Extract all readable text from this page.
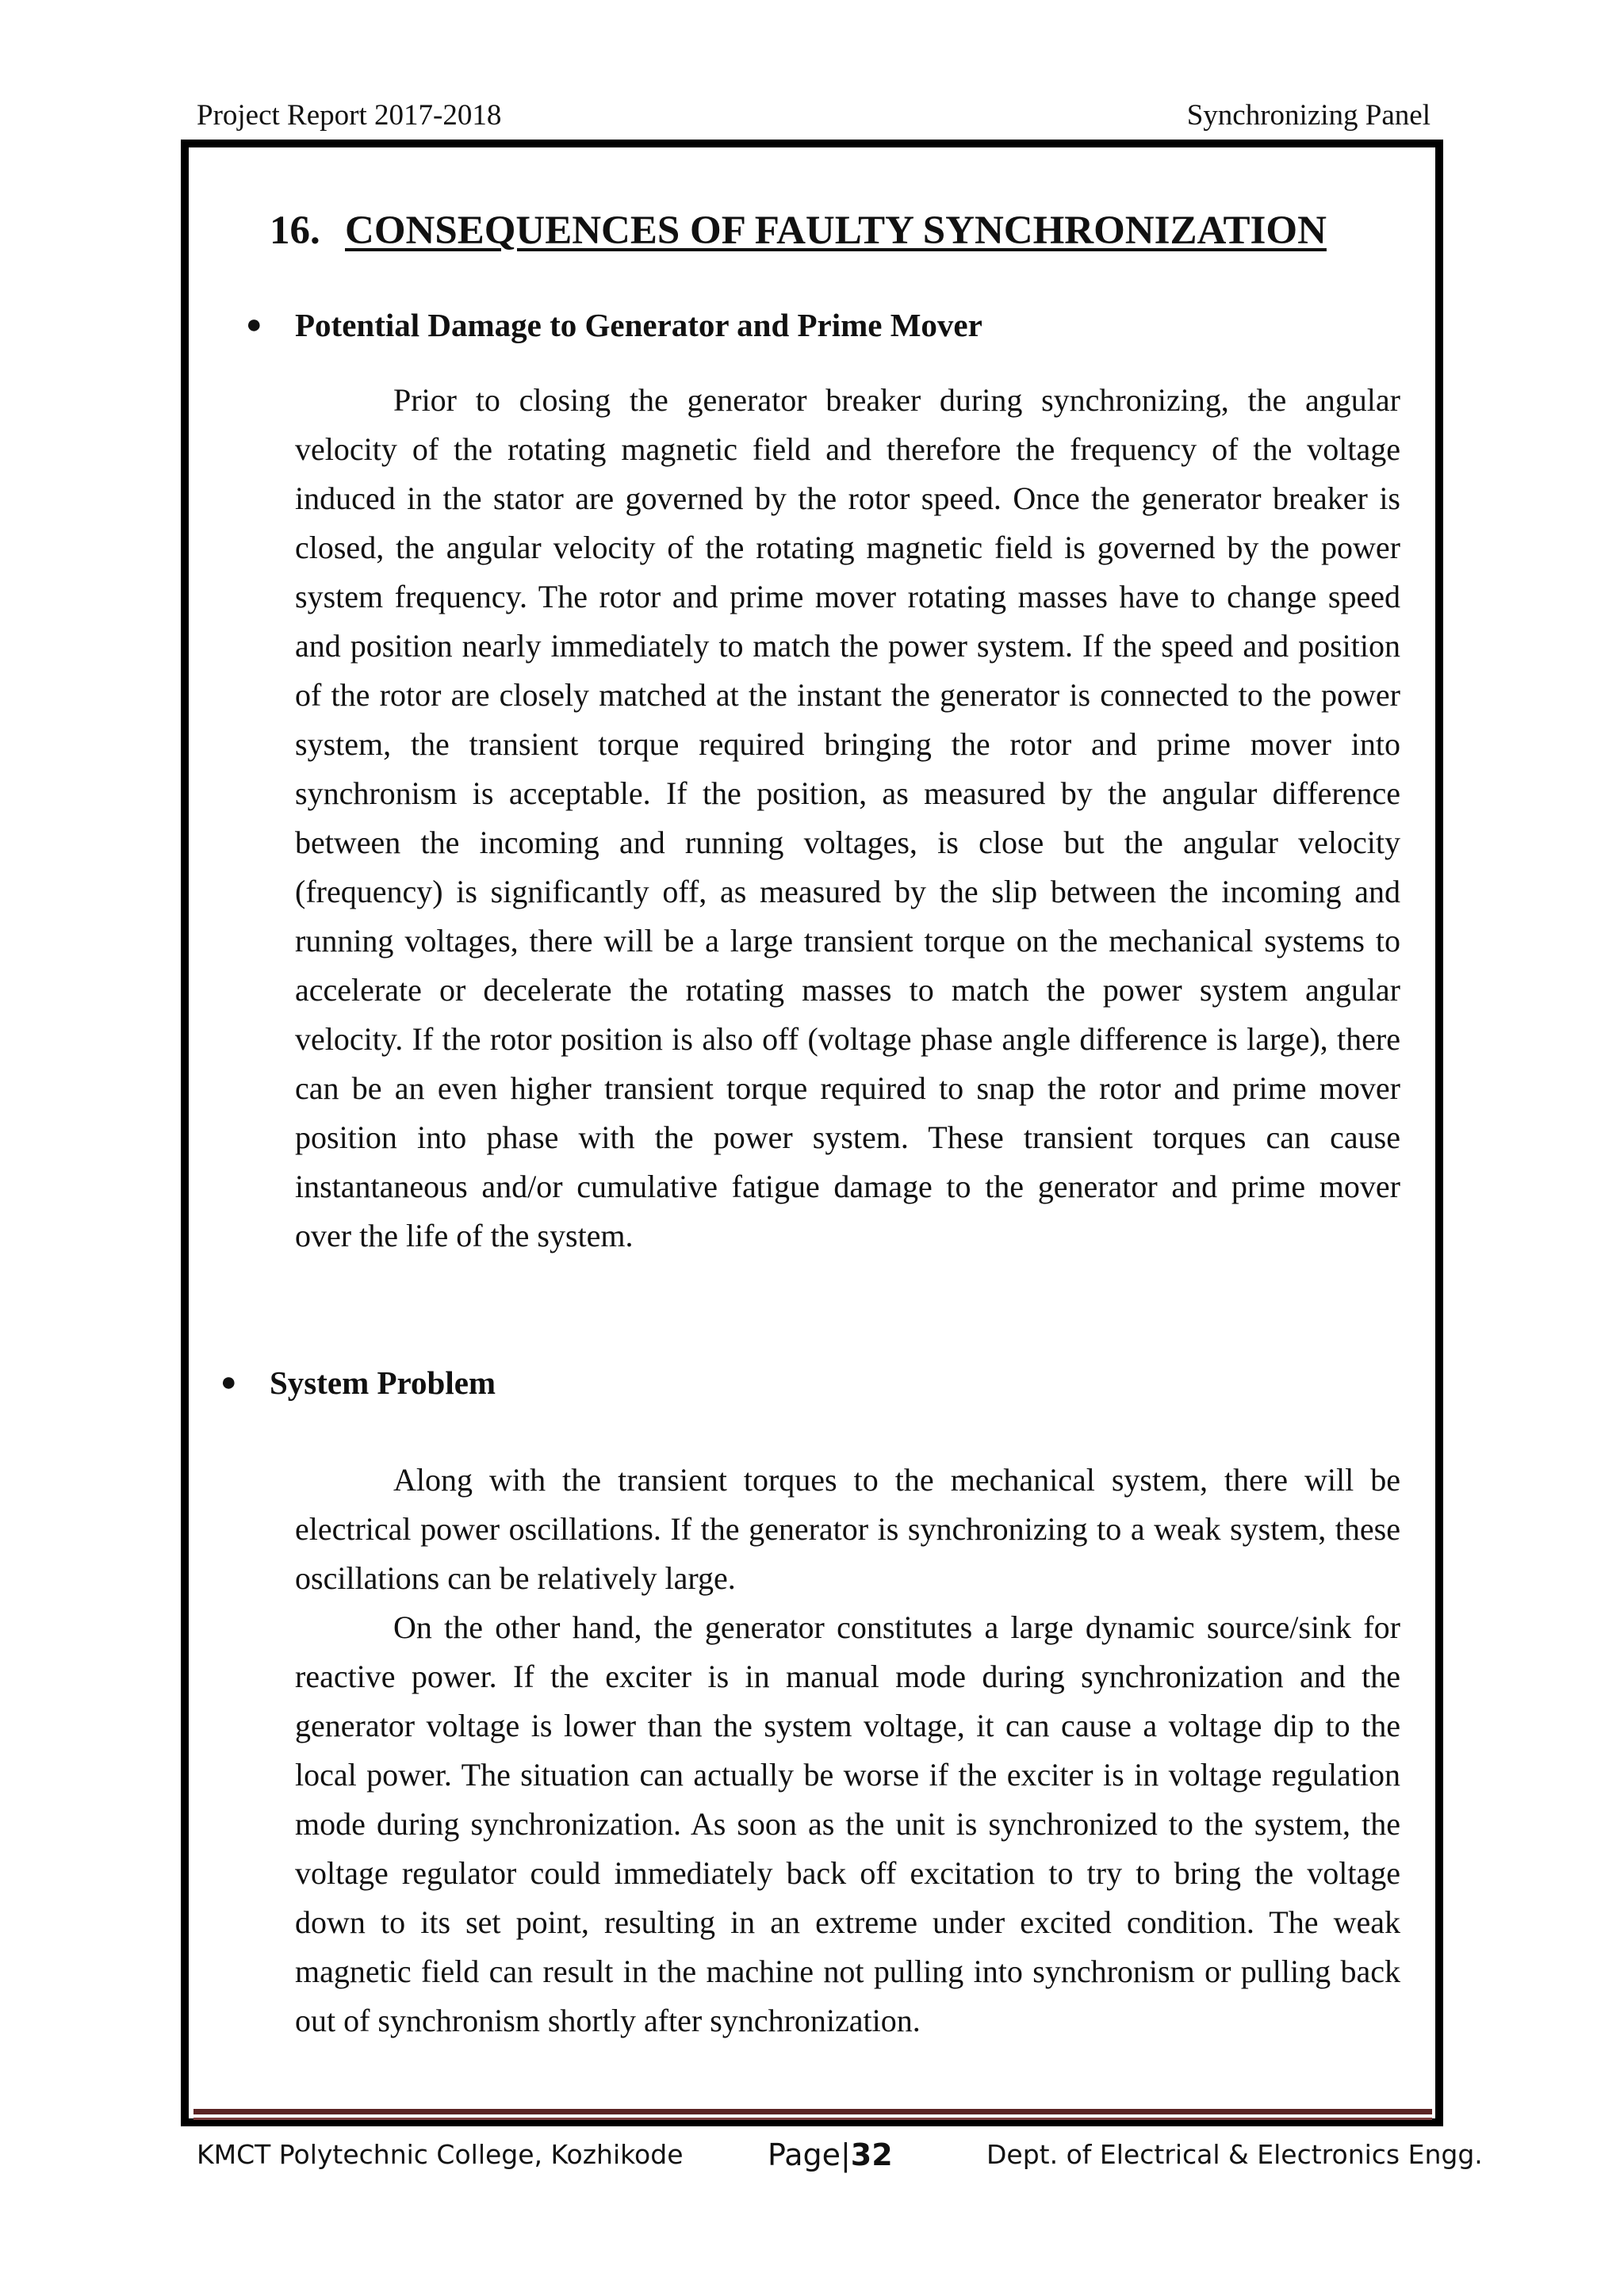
Project Report 2017-2018	Synchronizing Panel
16. CONSEQUENCES OF FAULTY SYNCHRONIZATION
● Potential Damage to Generator and Prime Mover

Prior to closing the generator breaker during synchronizing, the angular velocity of the rotating magnetic field and therefore the frequency of the voltage induced in the stator are governed by the rotor speed. Once the generator breaker is closed, the angular velocity of the rotating magnetic field is governed by the power system frequency. The rotor and prime mover rotating masses have to change speed and position nearly immediately to match the power system. If the speed and position of the rotor are closely matched at the instant the generator is connected to the power system, the transient torque required bringing the rotor and prime mover into synchronism is acceptable. If the position, as measured by the angular difference between the incoming and running voltages, is close but the angular velocity (frequency) is significantly off, as measured by the slip between the incoming and running voltages, there will be a large transient torque on the mechanical systems to accelerate or decelerate the rotating masses to match the power system angular velocity. If the rotor position is also off (voltage phase angle difference is large), there can be an even higher transient torque required to snap the rotor and prime mover position into phase with the power system. These transient torques can cause instantaneous and/or cumulative fatigue damage to the generator and prime mover over the life of the system.

● System Problem

Along with the transient torques to the mechanical system, there will be electrical power oscillations. If the generator is synchronizing to a weak system, these oscillations can be relatively large.

On the other hand, the generator constitutes a large dynamic source/sink for reactive power. If the exciter is in manual mode during synchronization and the generator voltage is lower than the system voltage, it can cause a voltage dip to the local power. The situation can actually be worse if the exciter is in voltage regulation mode during synchronization. As soon as the unit is synchronized to the system, the voltage regulator could immediately back off excitation to try to bring the voltage down to its set point, resulting in an extreme under excited condition. The weak magnetic field can result in the machine not pulling into synchronism or pulling back out of synchronism shortly after synchronization.

KMCT Polytechnic College, Kozhikode	Page|32	Dept. of Electrical & Electronics Engg.
